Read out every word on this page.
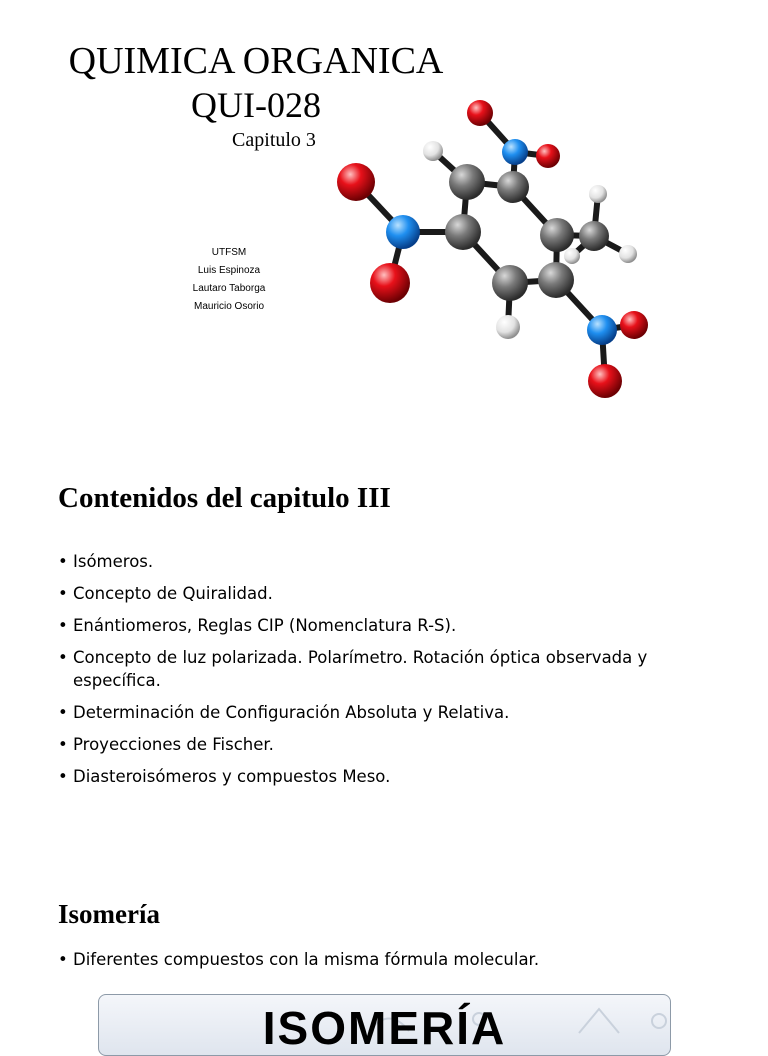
QUIMICA ORGANICA
QUI-028
Capitulo 3
UTFSM
Luis Espinoza
Lautaro Taborga
Mauricio Osorio
Contenidos del capitulo III
• Isómeros.
• Concepto de Quiralidad.
• Enántiomeros, Reglas CIP (Nomenclatura R-S).
• Concepto de luz polarizada. Polarímetro. Rotación óptica observada y específica.
• Determinación de Configuración Absoluta y Relativa.
• Proyecciones de Fischer.
• Diasteroisómeros y compuestos Meso.
Isomería
• Diferentes compuestos con la misma fórmula molecular.
ISOMERÍA
